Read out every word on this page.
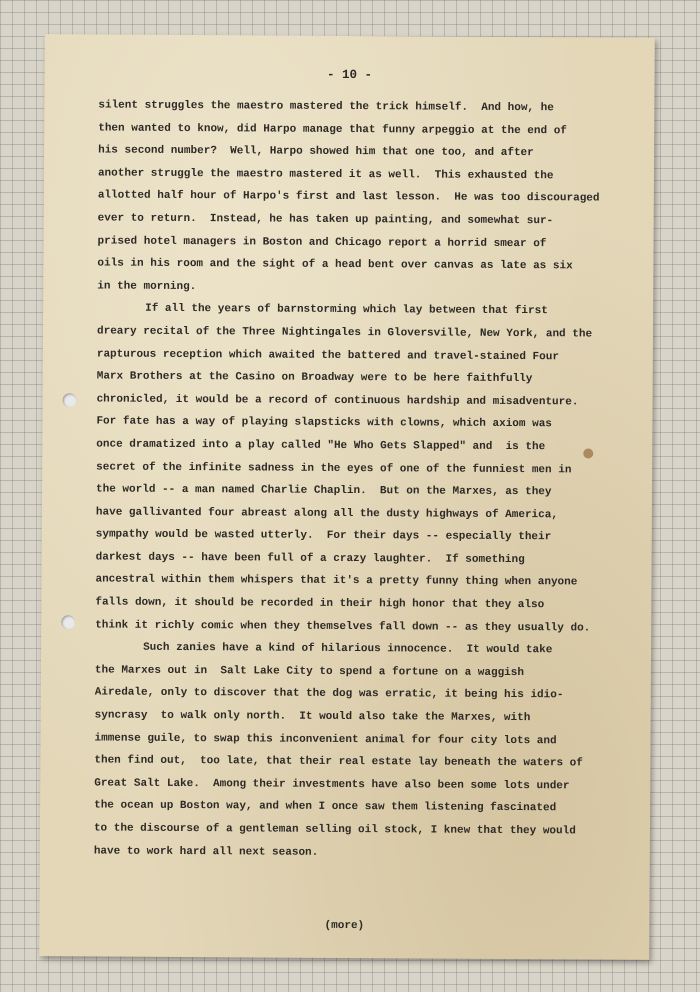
- 10 -
silent struggles the maestro mastered the trick himself.  And how, he
then wanted to know, did Harpo manage that funny arpeggio at the end of
his second number?  Well, Harpo showed him that one too, and after
another struggle the maestro mastered it as well.  This exhausted the
allotted half hour of Harpo's first and last lesson.  He was too discouraged
ever to return.  Instead, he has taken up painting, and somewhat sur-
prised hotel managers in Boston and Chicago report a horrid smear of
oils in his room and the sight of a head bent over canvas as late as six
in the morning.
If all the years of barnstorming which lay between that first
dreary recital of the Three Nightingales in Gloversville, New York, and the
rapturous reception which awaited the battered and travel-stained Four
Marx Brothers at the Casino on Broadway were to be here faithfully
chronicled, it would be a record of continuous hardship and misadventure.
For fate has a way of playing slapsticks with clowns, which axiom was
once dramatized into a play called "He Who Gets Slapped" and  is the
secret of the infinite sadness in the eyes of one of the funniest men in
the world -- a man named Charlie Chaplin.  But on the Marxes, as they
have gallivanted four abreast along all the dusty highways of America,
sympathy would be wasted utterly.  For their days -- especially their
darkest days -- have been full of a crazy laughter.  If something
ancestral within them whispers that it's a pretty funny thing when anyone
falls down, it should be recorded in their high honor that they also
think it richly comic when they themselves fall down -- as they usually do.
Such zanies have a kind of hilarious innocence.  It would take
the Marxes out in  Salt Lake City to spend a fortune on a waggish
Airedale, only to discover that the dog was erratic, it being his idio-
syncrasy  to walk only north.  It would also take the Marxes, with
immense guile, to swap this inconvenient animal for four city lots and
then find out,  too late, that their real estate lay beneath the waters of
Great Salt Lake.  Among their investments have also been some lots under
the ocean up Boston way, and when I once saw them listening fascinated
to the discourse of a gentleman selling oil stock, I knew that they would
have to work hard all next season.
(more)
